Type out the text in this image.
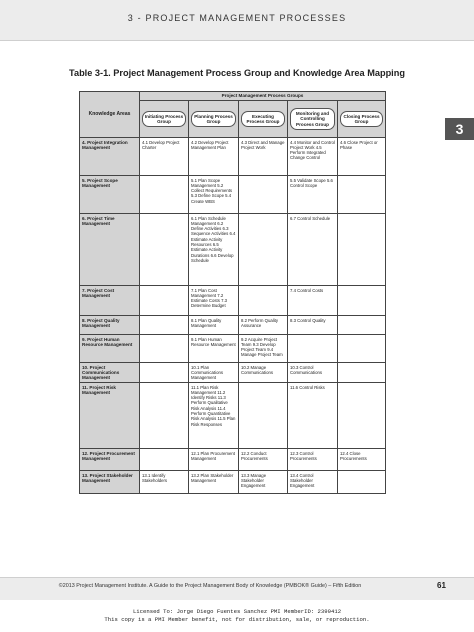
3 - PROJECT MANAGEMENT PROCESSES
Table 3-1. Project Management Process Group and Knowledge Area Mapping
3
Knowledge Areas	Project Management Process Groups				

	Initiating Process Group	Planning Process Group	Executing Process Group	Monitoring and Controlling Process Group	Closing Process Group

4. Project Integration Management	4.1 Develop Project Charter	4.2 Develop Project Management Plan	4.3 Direct and Manage Project Work	4.4 Monitor and Control Project Work 4.5 Perform Integrated Change Control	4.6 Close Project or Phase
5. Project Scope Management		5.1 Plan Scope Management 5.2 Collect Requirements 5.3 Define Scope 5.4 Create WBS		5.5 Validate Scope 5.6 Control Scope	
6. Project Time Management		6.1 Plan Schedule Management 6.2 Define Activities 6.3 Sequence Activities 6.4 Estimate Activity Resources 6.5 Estimate Activity Durations 6.6 Develop Schedule		6.7 Control Schedule	
7. Project Cost Management		7.1 Plan Cost Management 7.2 Estimate Costs 7.3 Determine Budget		7.4 Control Costs	
8. Project Quality Management		8.1 Plan Quality Management	8.2 Perform Quality Assurance	8.3 Control Quality	
9. Project Human Resource Management		9.1 Plan Human Resource Management	9.2 Acquire Project Team 9.3 Develop Project Team 9.4 Manage Project Team		
10. Project Communications Management		10.1 Plan Communications Management	10.2 Manage Communications	10.3 Control Communications	
11. Project Risk Management		11.1 Plan Risk Management 11.2 Identify Risks 11.3 Perform Qualitative Risk Analysis 11.4 Perform Quantitative Risk Analysis 11.5 Plan Risk Responses		11.6 Control Risks	
12. Project Procurement Management		12.1 Plan Procurement Management	12.2 Conduct Procurements	12.3 Control Procurements	12.4 Close Procurements
13. Project Stakeholder Management	13.1 Identify Stakeholders	13.2 Plan Stakeholder Management	13.3 Manage Stakeholder Engagement	13.4 Control Stakeholder Engagement	
©2013 Project Management Institute. A Guide to the Project Management Body of Knowledge (PMBOK® Guide) – Fifth Edition	61
Licensed To: Jorge Diego Fuentes Sanchez PMI MemberID: 2399412
This copy is a PMI Member benefit, not for distribution, sale, or reproduction.
